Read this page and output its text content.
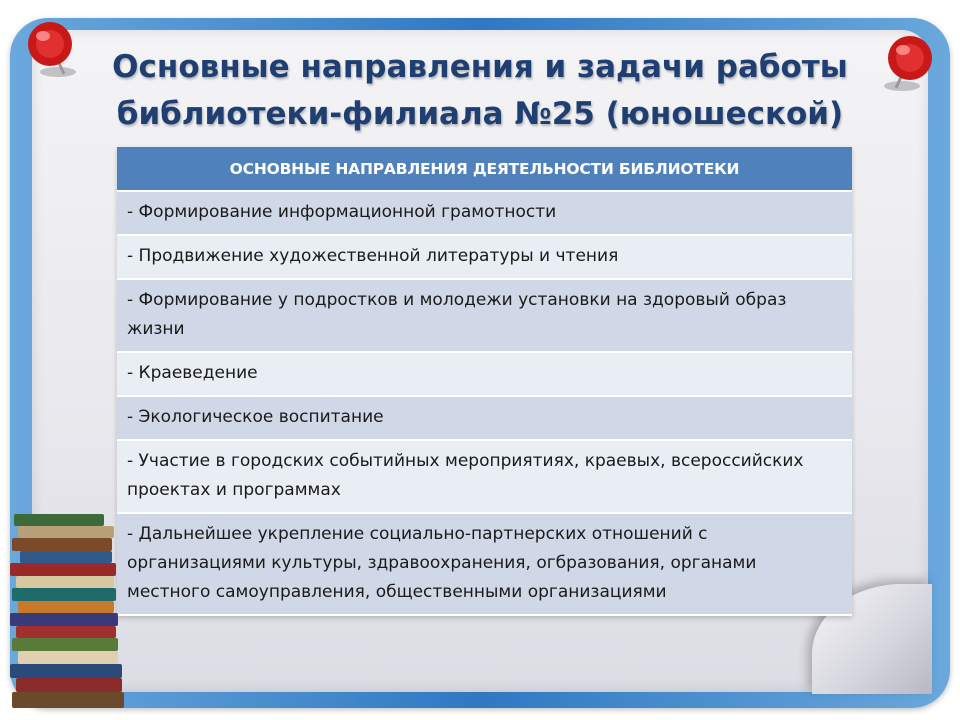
Основные направления и задачи работы
библиотеки-филиала №25 (юношеской)
ОСНОВНЫЕ НАПРАВЛЕНИЯ ДЕЯТЕЛЬНОСТИ БИБЛИОТЕКИ
- Формирование информационной грамотности
- Продвижение художественной литературы и чтения
- Формирование у подростков и молодежи установки на здоровый образ жизни
- Краеведение
- Экологическое воспитание
- Участие в городских событийных мероприятиях, краевых, всероссийских проектах и программах
- Дальнейшее укрепление социально-партнерских отношений с организациями культуры, здравоохранения, огбразования, органами местного самоуправления, общественными организациями
